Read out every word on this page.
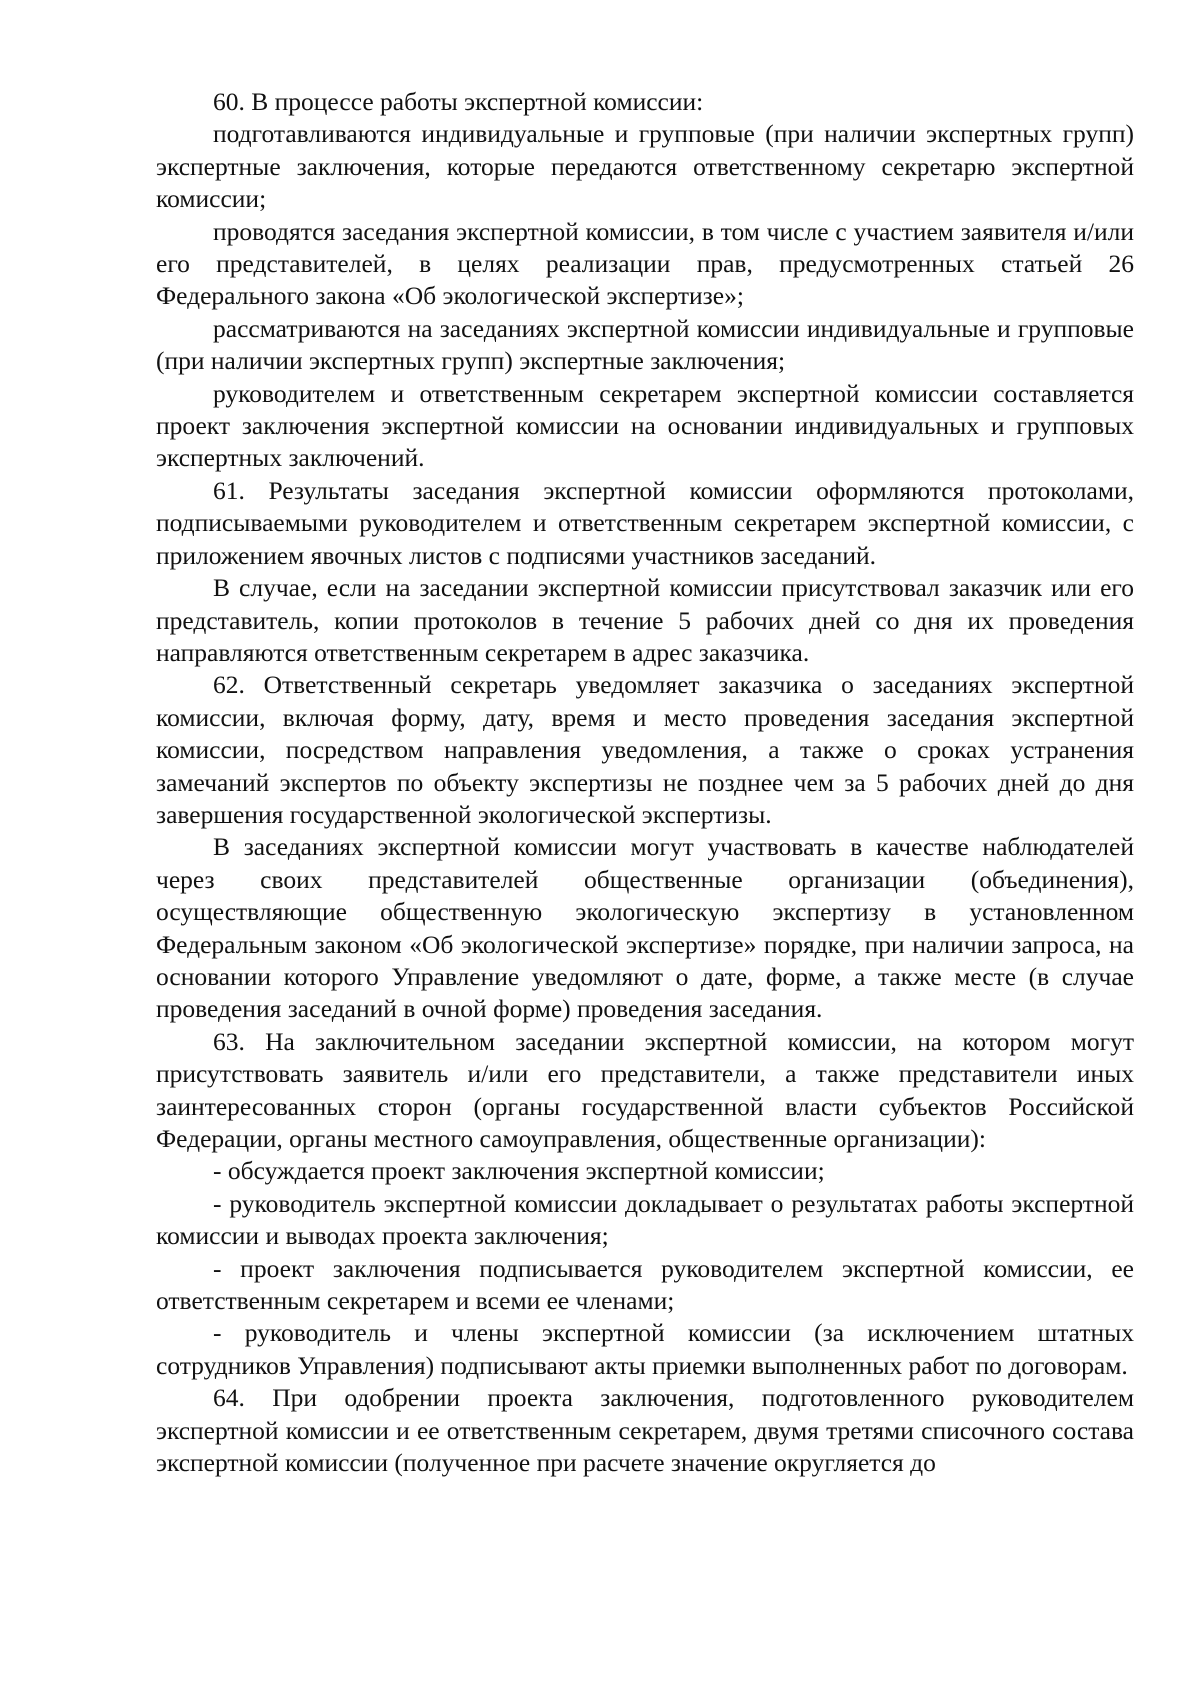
60. В процессе работы экспертной комиссии:

подготавливаются индивидуальные и групповые (при наличии экспертных групп) экспертные заключения, которые передаются ответственному секретарю экспертной комиссии;

проводятся заседания экспертной комиссии, в том числе с участием заявителя и/или его представителей, в целях реализации прав, предусмотренных статьей 26 Федерального закона «Об экологической экспертизе»;

рассматриваются на заседаниях экспертной комиссии индивидуальные и групповые (при наличии экспертных групп) экспертные заключения;

руководителем и ответственным секретарем экспертной комиссии составляется проект заключения экспертной комиссии на основании индивидуальных и групповых экспертных заключений.

61. Результаты заседания экспертной комиссии оформляются протоколами, подписываемыми руководителем и ответственным секретарем экспертной комиссии, с приложением явочных листов с подписями участников заседаний.

В случае, если на заседании экспертной комиссии присутствовал заказчик или его представитель, копии протоколов в течение 5 рабочих дней со дня их проведения направляются ответственным секретарем в адрес заказчика.

62. Ответственный секретарь уведомляет заказчика о заседаниях экспертной комиссии, включая форму, дату, время и место проведения заседания экспертной комиссии, посредством направления уведомления, а также о сроках устранения замечаний экспертов по объекту экспертизы не позднее чем за 5 рабочих дней до дня завершения государственной экологической экспертизы.

В заседаниях экспертной комиссии могут участвовать в качестве наблюдателей через своих представителей общественные организации (объединения), осуществляющие общественную экологическую экспертизу в установленном Федеральным законом «Об экологической экспертизе» порядке, при наличии запроса, на основании которого Управление уведомляют о дате, форме, а также месте (в случае проведения заседаний в очной форме) проведения заседания.

63. На заключительном заседании экспертной комиссии, на котором могут присутствовать заявитель и/или его представители, а также представители иных заинтересованных сторон (органы государственной власти субъектов Российской Федерации, органы местного самоуправления, общественные организации):

- обсуждается проект заключения экспертной комиссии;

- руководитель экспертной комиссии докладывает о результатах работы экспертной комиссии и выводах проекта заключения;

- проект заключения подписывается руководителем экспертной комиссии, ее ответственным секретарем и всеми ее членами;

- руководитель и члены экспертной комиссии (за исключением штатных сотрудников Управления) подписывают акты приемки выполненных работ по договорам.

64. При одобрении проекта заключения, подготовленного руководителем экспертной комиссии и ее ответственным секретарем, двумя третями списочного состава экспертной комиссии (полученное при расчете значение округляется до
